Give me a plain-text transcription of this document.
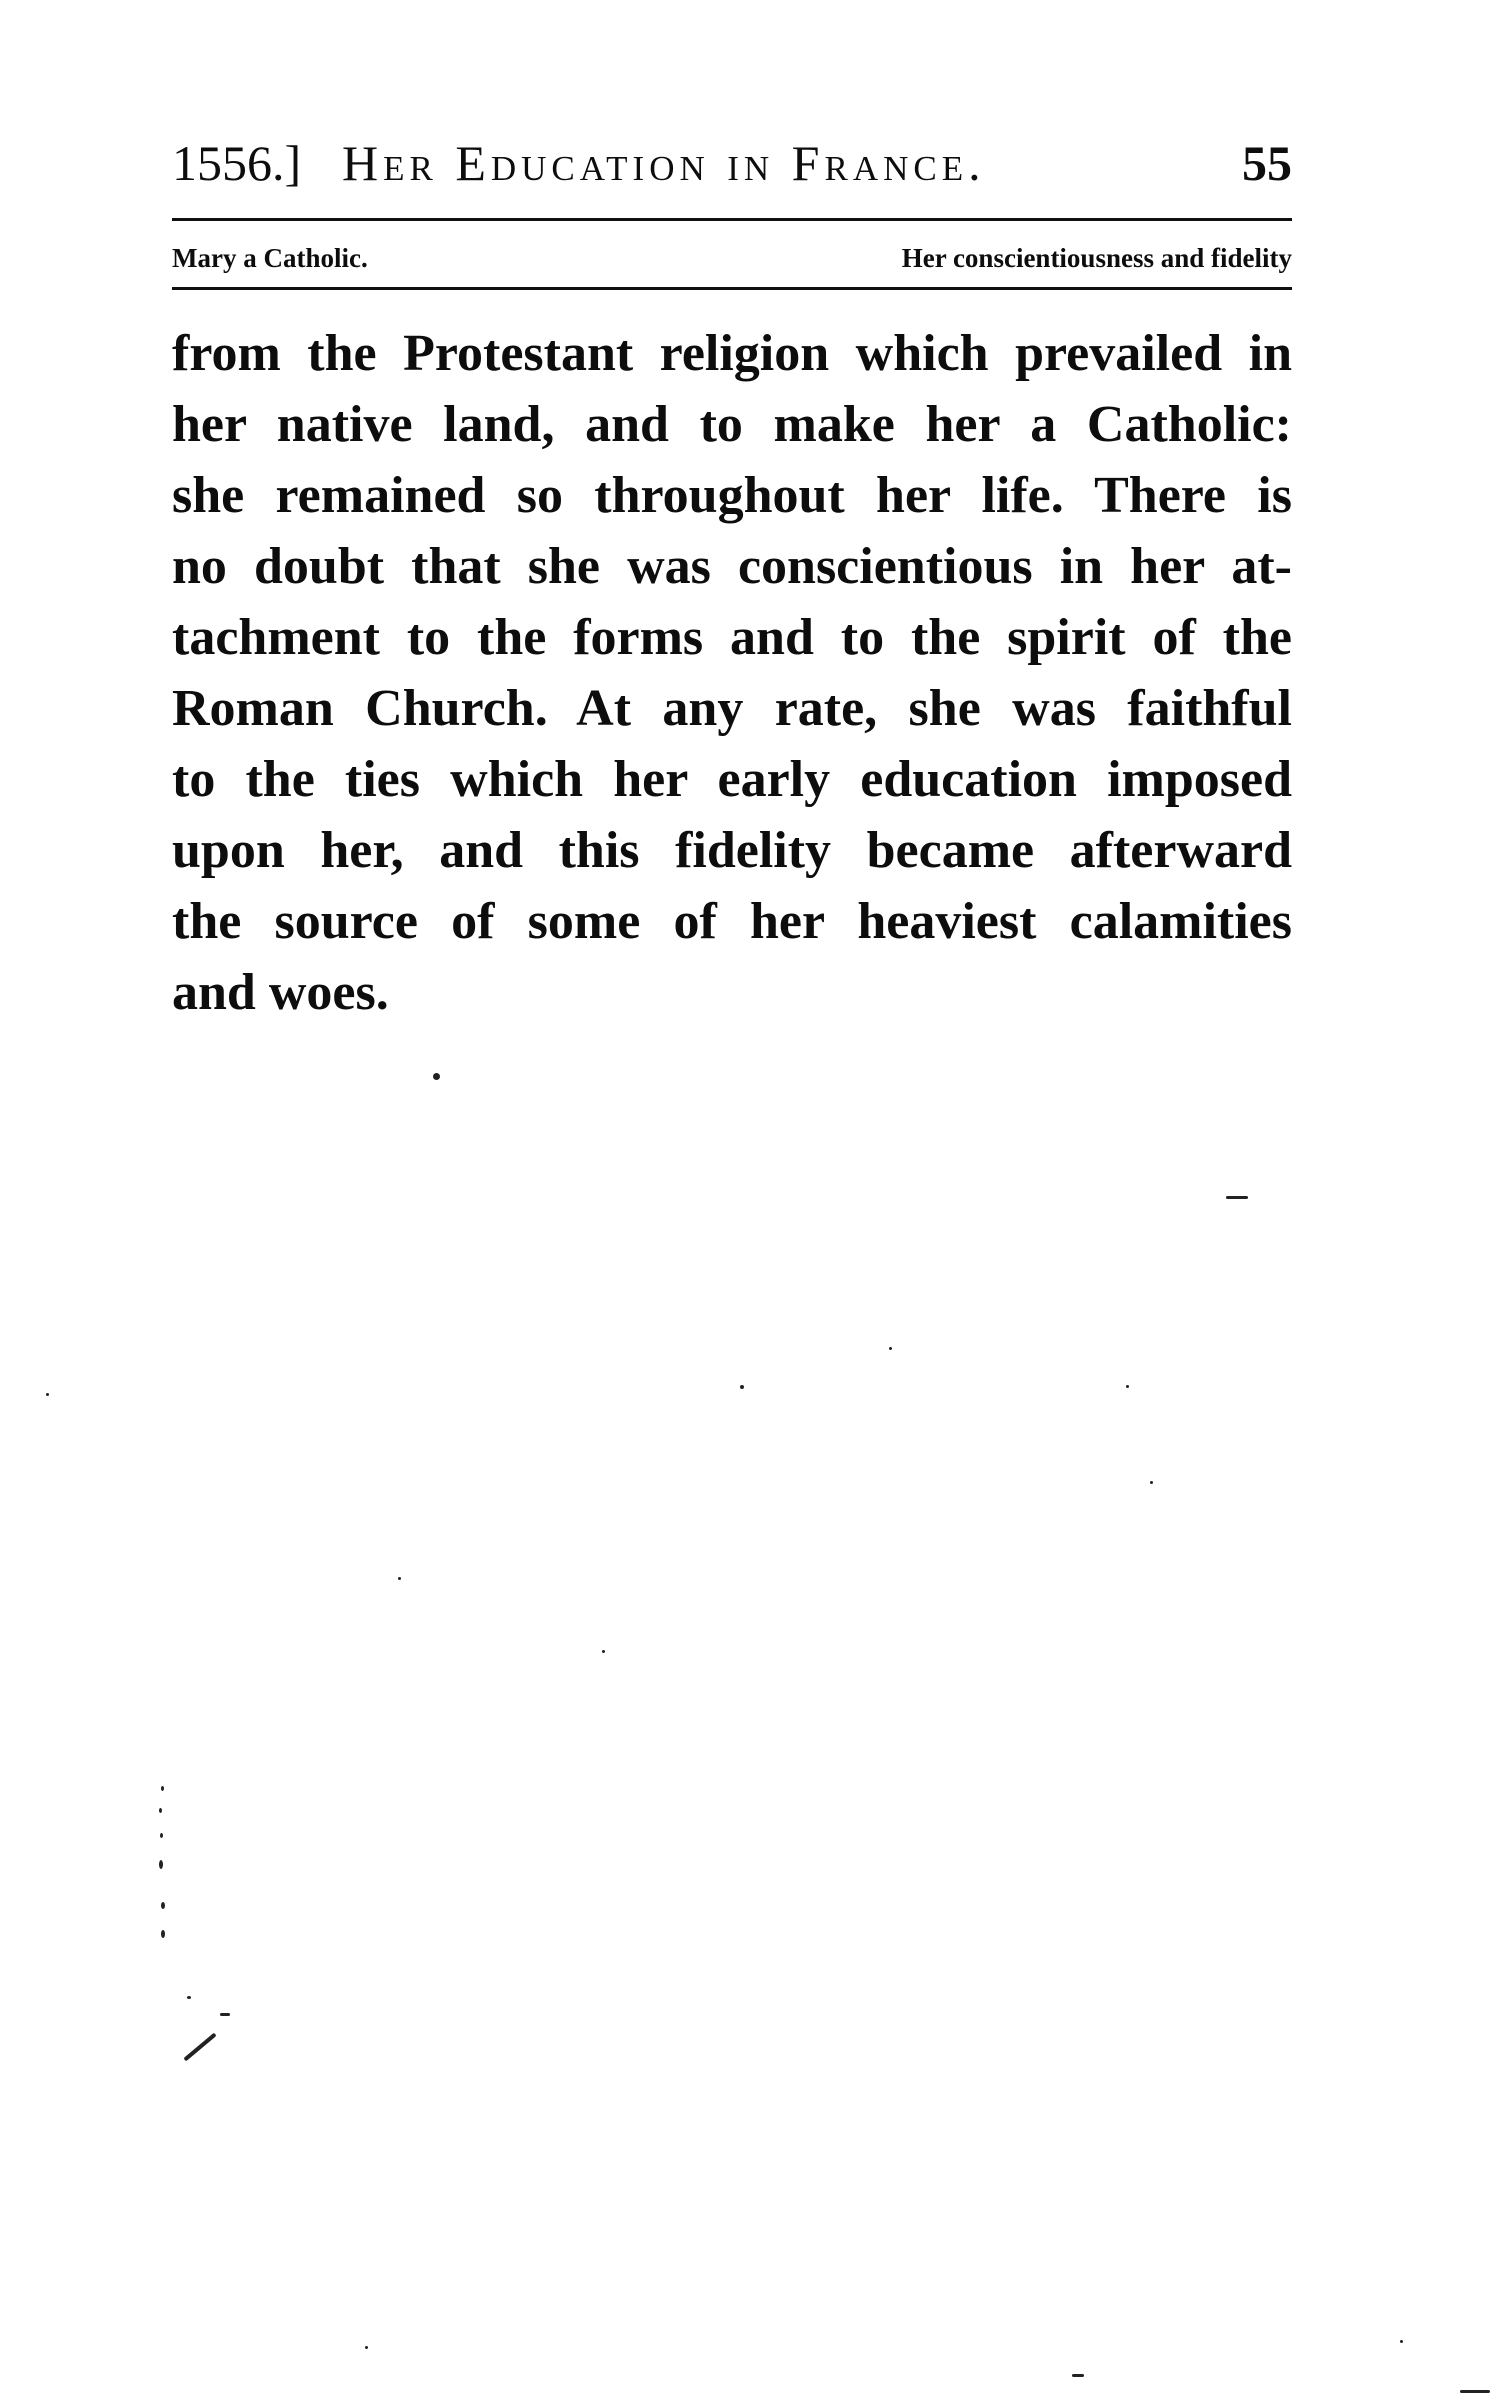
1556.] Her Education in France.	55
Mary a Catholic.	Her conscientiousness and fidelity
from the Protestant religion which prevailed in
her native land, and to make her a Catholic:
she remained so throughout her life. There is
no doubt that she was conscientious in her at-
tachment to the forms and to the spirit of the
Roman Church. At any rate, she was faithful
to the ties which her early education imposed
upon her, and this fidelity became afterward
the source of some of her heaviest calamities
and woes.
